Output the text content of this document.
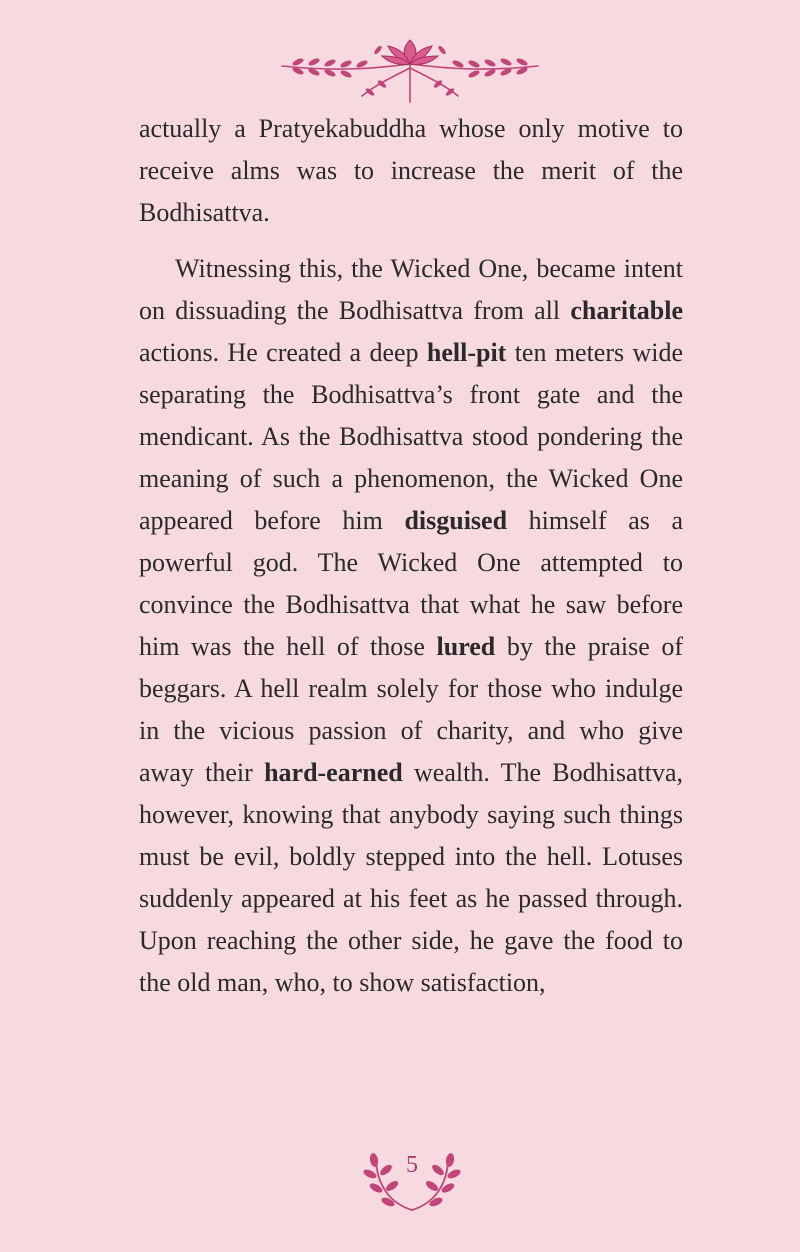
actually a Pratyekabuddha whose only motive to receive alms was to increase the merit of the Bodhisattva.

Witnessing this, the Wicked One, became intent on dissuading the Bodhisattva from all charitable actions. He created a deep hell-pit ten meters wide separating the Bodhisattva’s front gate and the mendicant. As the Bodhisattva stood pondering the meaning of such a phenomenon, the Wicked One appeared before him disguised himself as a powerful god. The Wicked One attempted to convince the Bodhisattva that what he saw before him was the hell of those lured by the praise of beggars. A hell realm solely for those who indulge in the vicious passion of charity, and who give away their hard-earned wealth. The Bodhisattva, however, knowing that anybody saying such things must be evil, boldly stepped into the hell. Lotuses suddenly appeared at his feet as he passed through. Upon reaching the other side, he gave the food to the old man, who, to show satisfaction,

5
